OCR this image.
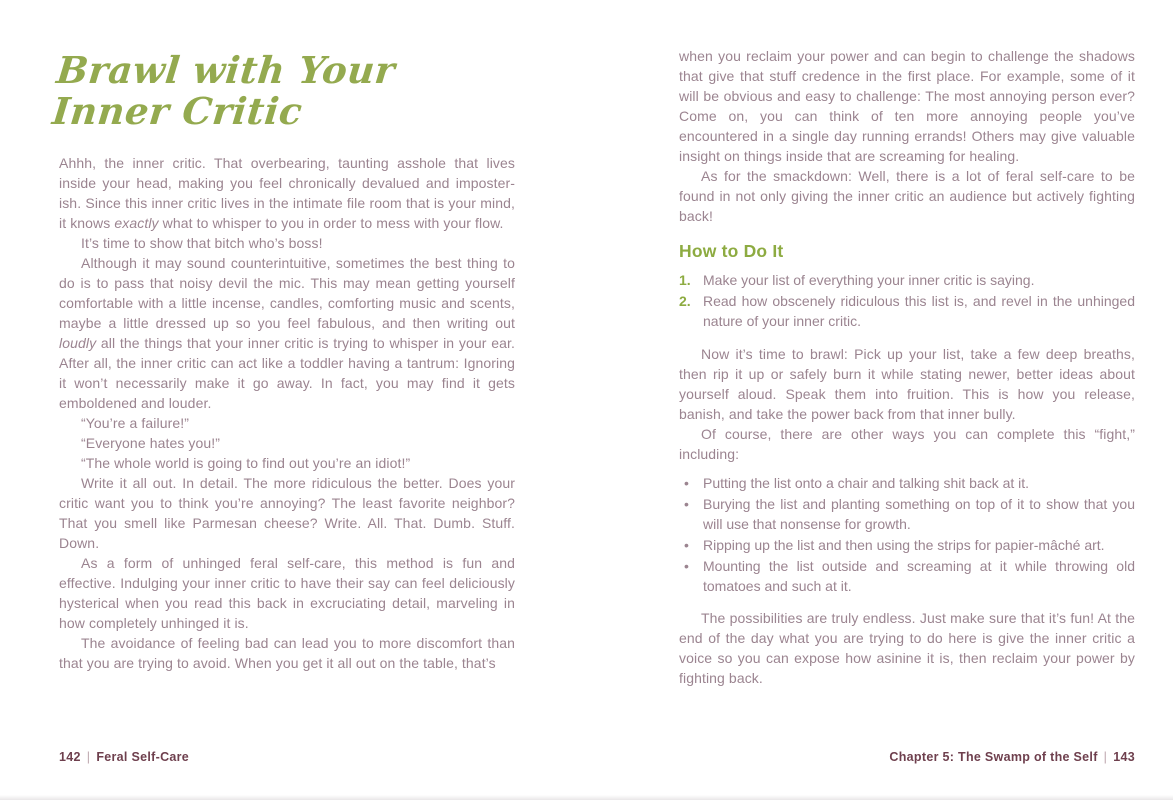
Brawl with Your
Inner Critic

Ahhh, the inner critic. That overbearing, taunting asshole that lives inside your head, making you feel chronically devalued and imposter-ish. Since this inner critic lives in the intimate file room that is your mind, it knows exactly what to whisper to you in order to mess with your flow.

It’s time to show that bitch who’s boss!

Although it may sound counterintuitive, sometimes the best thing to do is to pass that noisy devil the mic. This may mean getting yourself comfortable with a little incense, candles, comforting music and scents, maybe a little dressed up so you feel fabulous, and then writing out loudly all the things that your inner critic is trying to whisper in your ear. After all, the inner critic can act like a toddler having a tantrum: Ignoring it won’t necessarily make it go away. In fact, you may find it gets emboldened and louder.

“You’re a failure!”

“Everyone hates you!”

“The whole world is going to find out you’re an idiot!”

Write it all out. In detail. The more ridiculous the better. Does your critic want you to think you’re annoying? The least favorite neighbor? That you smell like Parmesan cheese? Write. All. That. Dumb. Stuff. Down.

As a form of unhinged feral self-care, this method is fun and effective. Indulging your inner critic to have their say can feel deliciously hysterical when you read this back in excruciating detail, marveling in how completely unhinged it is.

The avoidance of feeling bad can lead you to more discomfort than that you are trying to avoid. When you get it all out on the table, that’s

142 | Feral Self-Care

when you reclaim your power and can begin to challenge the shadows that give that stuff credence in the first place. For example, some of it will be obvious and easy to challenge: The most annoying person ever? Come on, you can think of ten more annoying people you’ve encountered in a single day running errands! Others may give valuable insight on things inside that are screaming for healing.

As for the smackdown: Well, there is a lot of feral self-care to be found in not only giving the inner critic an audience but actively fighting back!

How to Do It
1. Make your list of everything your inner critic is saying.
2. Read how obscenely ridiculous this list is, and revel in the unhinged nature of your inner critic.

Now it’s time to brawl: Pick up your list, take a few deep breaths, then rip it up or safely burn it while stating newer, better ideas about yourself aloud. Speak them into fruition. This is how you release, banish, and take the power back from that inner bully.

Of course, there are other ways you can complete this “fight,” including:

•	Putting the list onto a chair and talking shit back at it.
•	Burying the list and planting something on top of it to show that you will use that nonsense for growth.
•	Ripping up the list and then using the strips for papier-mâché art.
•	Mounting the list outside and screaming at it while throwing old tomatoes and such at it.

The possibilities are truly endless. Just make sure that it’s fun! At the end of the day what you are trying to do here is give the inner critic a voice so you can expose how asinine it is, then reclaim your power by fighting back.

Chapter 5: The Swamp of the Self | 143
